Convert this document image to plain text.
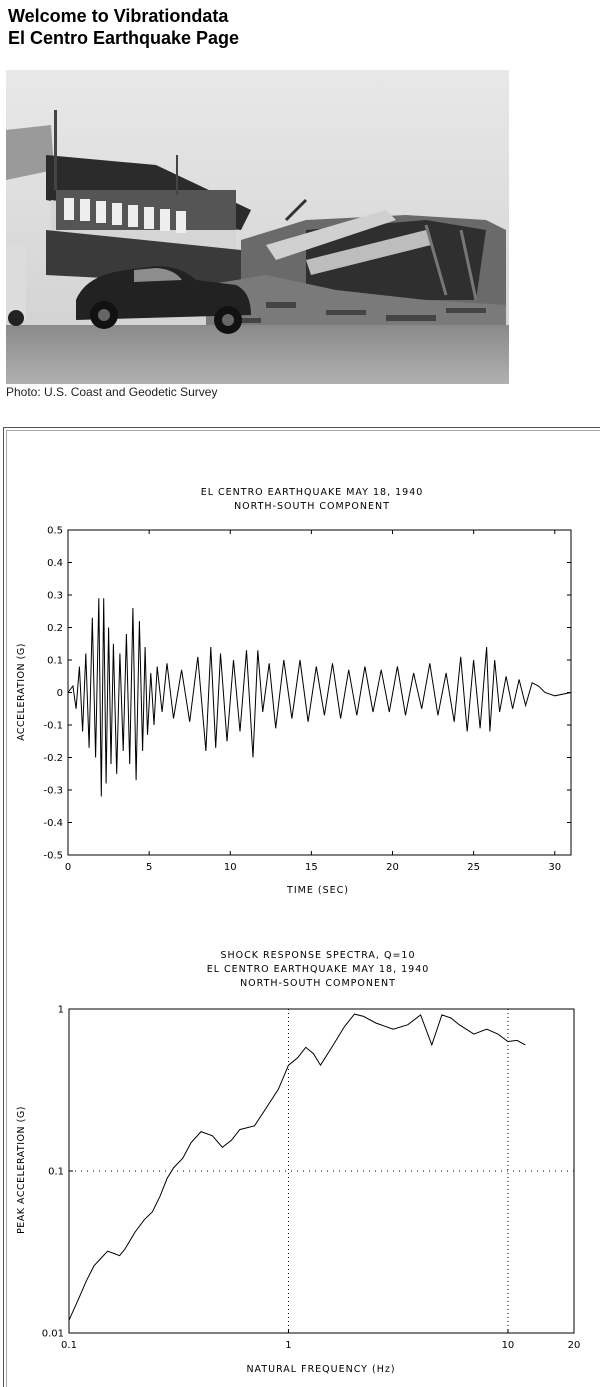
Welcome to Vibrationdata
El Centro Earthquake Page
Photo: U.S. Coast and Geodetic Survey
EL CENTRO EARTHQUAKE MAY 18, 1940
NORTH-SOUTH COMPONENT
-0.5
-0.4
-0.3
-0.2
-0.1
0
0.1
0.2
0.3
0.4
0.5
0	5	10	15	20	25	30
TIME (SEC)
ACCELERATION (G)
SHOCK RESPONSE SPECTRA, Q=10
EL CENTRO EARTHQUAKE MAY 18, 1940
NORTH-SOUTH COMPONENT
0.01
0.1
1
0.1	1	10	20
NATURAL FREQUENCY (Hz)
PEAK ACCELERATION (G)
